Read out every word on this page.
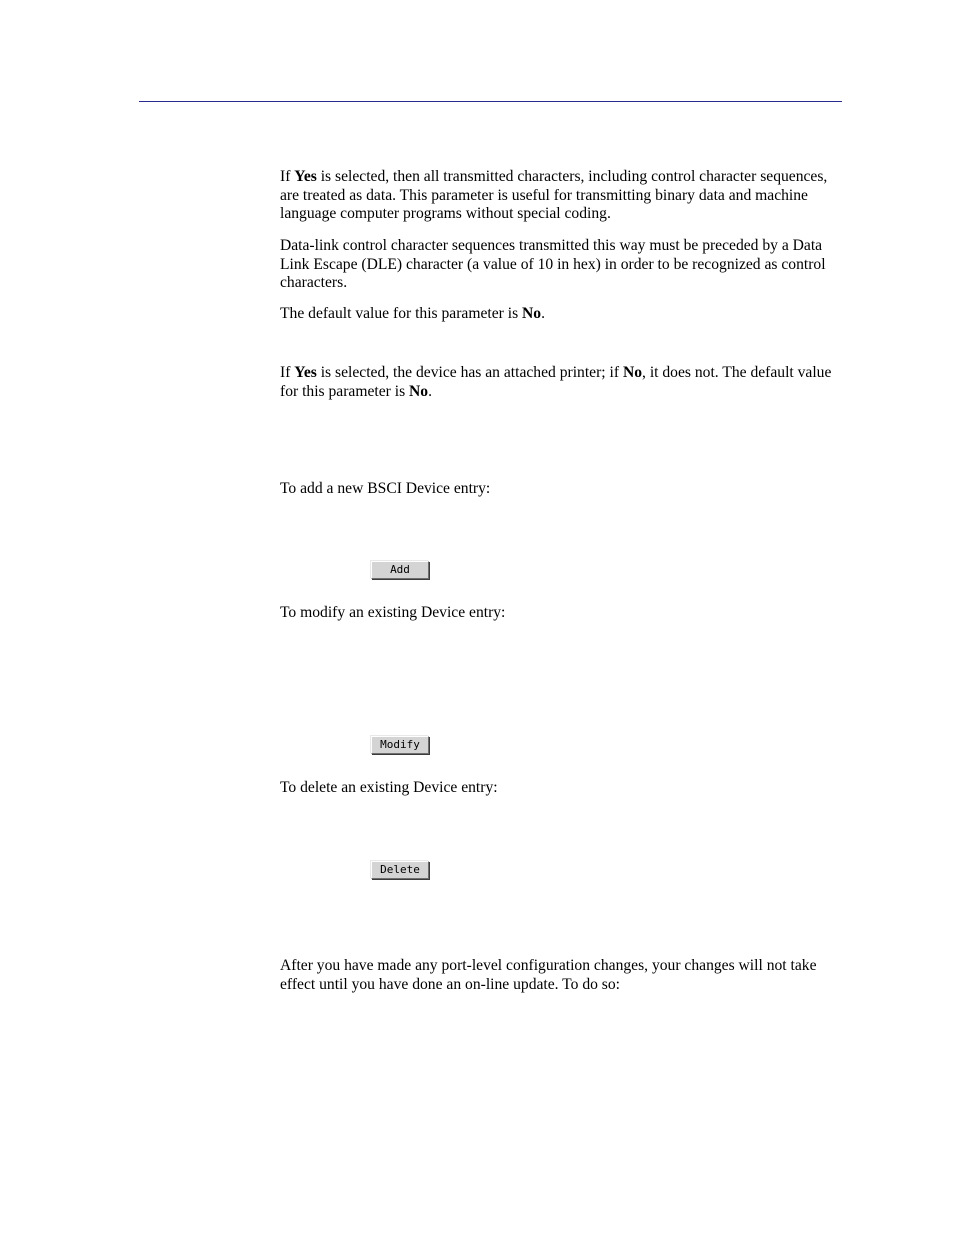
If Yes is selected, then all transmitted characters, including control character sequences, are treated as data. This parameter is useful for transmitting binary data and machine language computer programs without special coding.

Data-link control character sequences transmitted this way must be preceded by a Data Link Escape (DLE) character (a value of 10 in hex) in order to be recognized as control characters.

The default value for this parameter is No.

If Yes is selected, the device has an attached printer; if No, it does not. The default value for this parameter is No.

To add a new BSCI Device entry:

Add

To modify an existing Device entry:

Modify

To delete an existing Device entry:

Delete

After you have made any port-level configuration changes, your changes will not take effect until you have done an on-line update. To do so:
